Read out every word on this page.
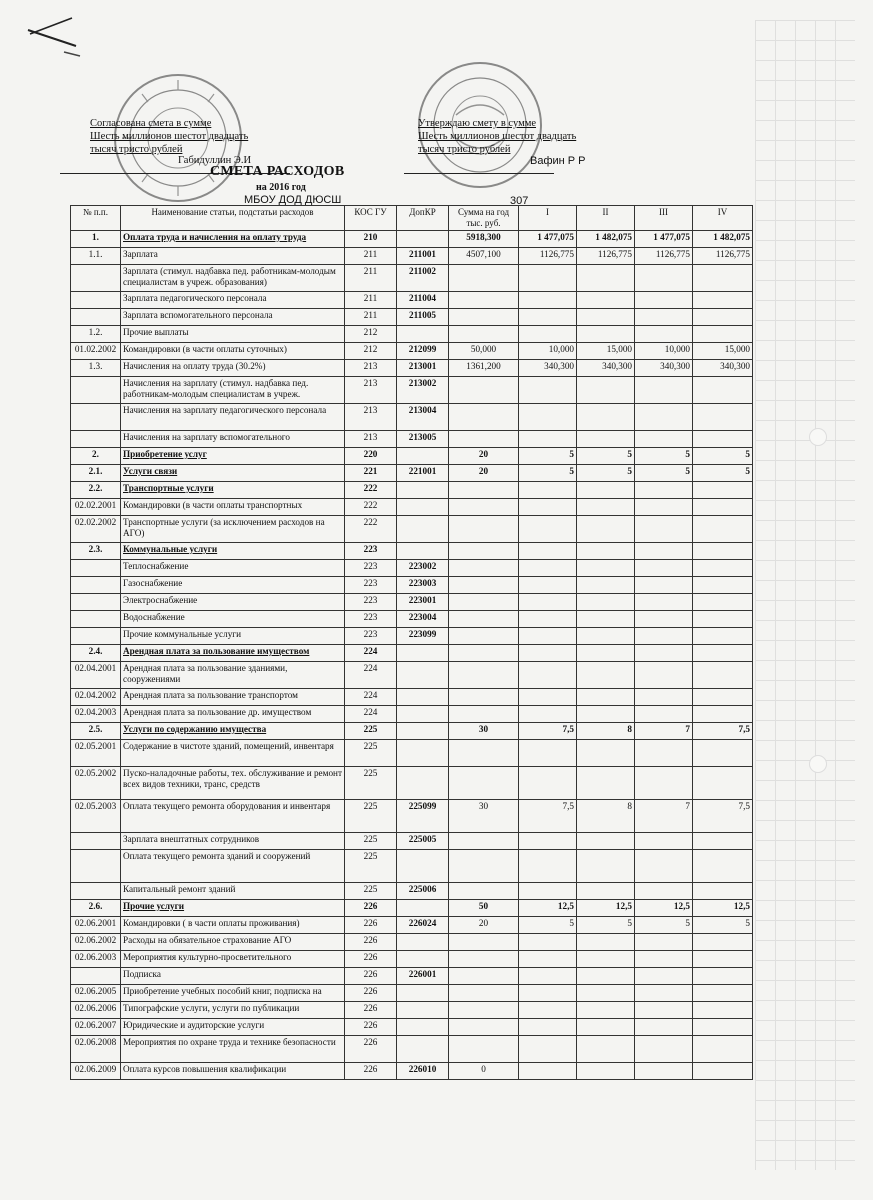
Согласована смета в сумме
Шесть миллионов шестот двадцать
тысяч тристо рублей
Габидуллин Э.И
Утверждаю смету в сумме
Шесть миллионов шестот двадцать
тысяч тристо рублей
Вафин Р Р
СМЕТА РАСХОДОВ
на 2016 год
МБОУ ДОД ДЮСШ	307
№ п.п.	Наименование статьи, подстатьи расходов	КОС ГУ	ДопКР	Сумма на год тыс. руб.	I	II	III	IV
1.	Оплата труда и начисления на оплату труда	210		5918,300	1 477,075	1 482,075	1 477,075	1 482,075
1.1.	Зарплата	211	211001	4507,100	1126,775	1126,775	1126,775	1126,775
	Зарплата (стимул. надбавка пед. работникам-молодым специалистам в учреж. образования)	211	211002					
	Зарплата педагогического персонала	211	211004					
	Зарплата вспомогательного персонала	211	211005					
1.2.	Прочие выплаты	212						
01.02.2002	Командировки (в части оплаты суточных)	212	212099	50,000	10,000	15,000	10,000	15,000
1.3.	Начисления на оплату труда (30.2%)	213	213001	1361,200	340,300	340,300	340,300	340,300
	Начисления на зарплату (стимул. надбавка пед. работникам-молодым специалистам в учреж.	213	213002					
	Начисления на зарплату педагогического персонала	213	213004					
	Начисления на зарплату вспомогательного	213	213005					
2.	Приобретение услуг	220		20	5	5	5	5
2.1.	Услуги связи	221	221001	20	5	5	5	5
2.2.	Транспортные услуги	222						
02.02.2001	Командировки (в части оплаты транспортных	222						
02.02.2002	Транспортные услуги (за исключением расходов на АГО)	222						
2.3.	Коммунальные услуги	223						
	Теплоснабжение	223	223002					
	Газоснабжение	223	223003					
	Электроснабжение	223	223001					
	Водоснабжение	223	223004					
	Прочие коммунальные услуги	223	223099					
2.4.	Арендная плата за пользование имуществом	224						
02.04.2001	Арендная плата за пользование зданиями, сооружениями	224						
02.04.2002	Арендная плата за пользование транспортом	224						
02.04.2003	Арендная плата за пользование др. имуществом	224						
2.5.	Услуги по содержанию имущества	225		30	7,5	8	7	7,5
02.05.2001	Содержание в чистоте зданий, помещений, инвентаря	225						
02.05.2002	Пуско-наладочные работы, тех. обслуживание и ремонт всех видов техники, транс, средств	225						
02.05.2003	Оплата текущего ремонта оборудования и инвентаря	225	225099	30	7,5	8	7	7,5
	Зарплата внештатных сотрудников	225	225005					
	Оплата текущего ремонта зданий и сооружений	225						
	Капитальный ремонт зданий	225	225006					
2.6.	Прочие услуги	226		50	12,5	12,5	12,5	12,5
02.06.2001	Командировки ( в части оплаты проживания)	226	226024	20	5	5	5	5
02.06.2002	Расходы на обязательное страхование АГО	226						
02.06.2003	Мероприятия культурно-просветительного	226						
	Подписка	226	226001					
02.06.2005	Приобретение учебных пособий книг, подписка на	226						
02.06.2006	Типографские услуги, услуги по публикации	226						
02.06.2007	Юридические и аудиторские услуги	226						
02.06.2008	Мероприятия по охране труда и технике безопасности	226						
02.06.2009	Оплата курсов повышения квалификации	226	226010	0				
